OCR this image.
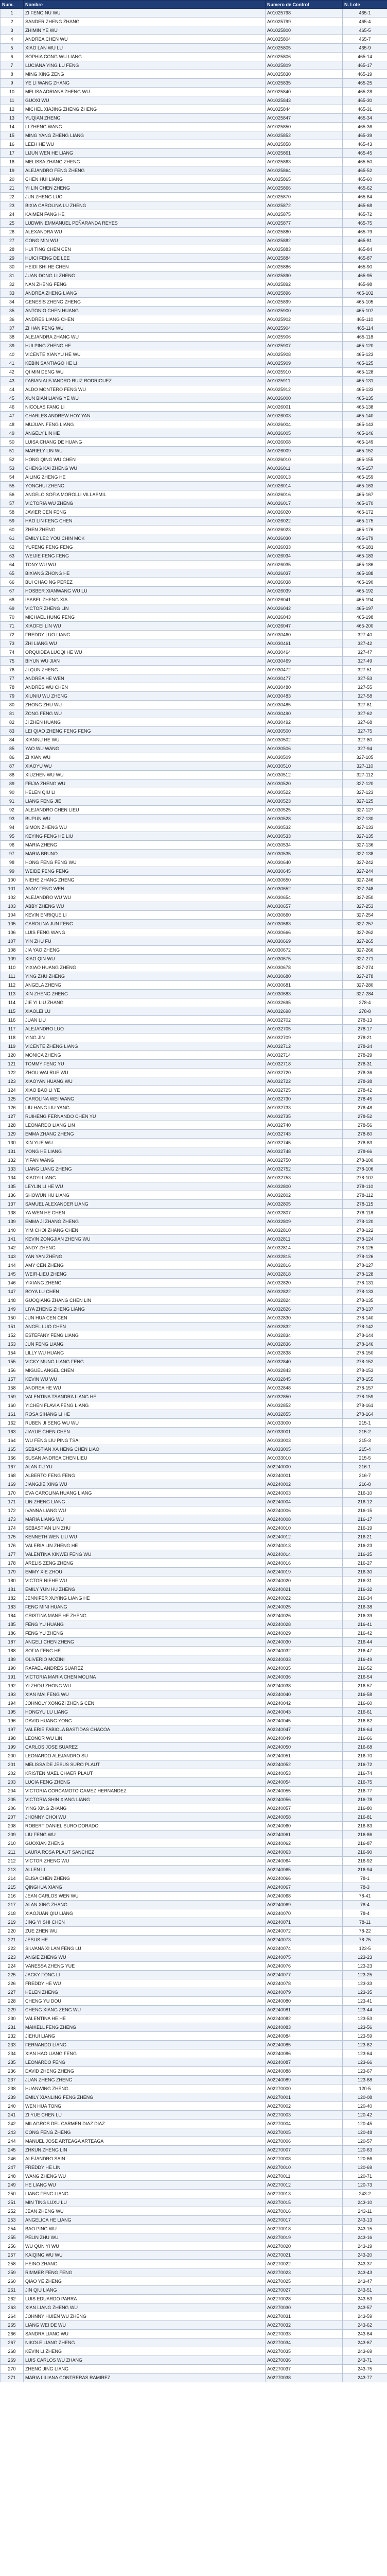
Num.	Nombre	Numero de Control	N. Lote
1	ZI FENG NU WU	A01025798	465-1
2	SANDER ZHENG ZHANG	A01025799	465-4
3	ZHIMIN YE WU	A01025800	465-5
4	ANDREA CHEN WU	A01025804	465-7
5	XIAO LAN WU LU	A01025805	465-9
6	SOPHIA CONG WU LIANG	A01025806	465-14
7	LUCIANA YING LU FENG	A01025809	465-17
8	MING XING ZENG	A01025830	465-19
9	YE LI WANG ZHANG	A01025835	465-25
10	MELISA ADRIANA ZHENG WU	A01025840	465-28
11	GUOXI WU	A01025843	465-30
12	MICHEL XIAJING ZHENG ZHENG	A01025844	465-31
13	YUQIAN ZHENG	A01025847	465-34
14	LI ZHENG WANG	A01025850	465-36
15	MING YANG ZHENG LIANG	A01025852	465-39
16	LEEH HE WU	A01025858	465-43
17	LIJUN WEN HE LIANG	A01025861	465-45
18	MELISSA ZHANG ZHENG	A01025863	465-50
19	ALEJANDRO FENG ZHENG	A01025864	465-52
20	CHEN HUI LIANG	A01025865	465-60
21	YI LIN CHEN ZHENG	A01025866	465-62
22	JUN ZHENG LUO	A01025870	465-64
23	BIXIA CAROLINA LU ZHENG	A01025872	465-68
24	KAIMEN FANG HE	A01025875	465-72
25	LUDWIN EMMANUEL PEÑARANDA REYES	A01025877	465-75
26	ALEXANDRA WU	A01025880	465-79
27	CONG MIN WU	A01025882	465-81
28	HUI TING CHEN CEN	A01025883	465-84
29	HUICI FENG DE LEE	A01025884	465-87
30	HEIDI SHI HE CHEN	A01025886	465-90
31	JUAN DONG LI ZHENG	A01025890	465-95
32	NAN ZHENG FENG	A01025892	465-98
33	ANDREA ZHENG LIANG	A01025896	465-102
34	GENESIS ZHENG ZHENG	A01025899	465-105
35	ANTONIO CHEN HUANG	A01025900	465-107
36	ANDRES LIANG CHEN	A01025902	465-110
37	ZI HAN FENG WU	A01025904	465-114
38	ALEJANDRA ZHANG WU	A01025906	465-118
39	HUI PING ZHENG HE	A01025907	465-120
40	VICENTE XIANYU HE WU	A01025908	465-123
41	KEBIN SANTIAGO HE LI	A01025909	465-125
42	QI MIN DENG WU	A01025910	465-128
43	FABIAN ALEJANDRO RUIZ RODRIGUEZ	A01025911	465-131
44	ALDO MONTERO FENG WU	A01025912	465-133
45	XUN BIAN LIANG YE WU	A01026000	465-135
46	NICOLAS FANG LI	A01026001	465-138
47	CHARLES ANDREW HOY YAN	A01026003	465-140
48	MUJUAN FENG LIANG	A01026004	465-143
49	ANGELY LIN HE	A01026005	465-146
50	LUISA CHANG DE HUANG	A01026008	465-149
51	MARIELY LIN WU	A01026009	465-152
52	HONG QING WU CHEN	A01026010	465-155
53	CHENG KAI ZHENG WU	A01026011	465-157
54	AILING ZHENG HE	A01026013	465-159
55	YONGHUI ZHENG	A01026014	465-163
56	ANGELO SOFIA MOROLLI VILLASMIL	A01026016	465-167
57	VICTORIA WU ZHENG	A01026017	465-170
58	JAVIER CEN FENG	A01026020	465-172
59	HAO LIN FENG CHEN	A01026022	465-175
60	ZHEN ZHENG	A01026023	465-176
61	EMILY LEC YOU CHIN MOK	A01026030	465-179
62	YUFENG FENG FENG	A01026033	465-181
63	WEIJIE FENG FENG	A01026034	465-183
64	TONY WU WU	A01026035	465-186
65	BIXIANG ZHONG HE	A01026037	465-188
66	BUI CHAO NG PEREZ	A01026038	465-190
67	HOSBER XIANWANG WU LU	A01026039	465-192
68	ISABEL ZHENG XIA	A01026041	465-194
69	VICTOR ZHENG LIN	A01026042	465-197
70	MICHAEL HUNG FENG	A01026043	465-198
71	XIAOFEI LIN WU	A01026047	465-200
72	FREDDY LUO LIANG	A01030460	327-40
73	ZHI LIANG WU	A01030461	327-42
74	ORQUIDEA LUOQI HE WU	A01030464	327-47
75	BIYUN WU JIAN	A01030469	327-49
76	JI QUN ZHENG	A01030472	327-51
77	ANDREA HE WEN	A01030477	327-53
78	ANDRES WU CHEN	A01030480	327-55
79	XIUNIU WU ZHENG	A01030483	327-58
80	ZHONG ZHU WU	A01030485	327-61
81	ZONG FENG WU	A01030490	327-62
82	JI ZHEN HUANG	A01030492	327-68
83	LEI QIAO ZHENG FENG FENG	A01030500	327-75
84	XIANNU HE WU	A01030502	327-80
85	YAO WU WANG	A01030506	327-94
86	ZI XIAN WU	A01030509	327-105
87	XIAOYU WU	A01030510	327-110
88	XIUZHEN WU WU	A01030512	327-112
89	FEIJIA ZHENG WU	A01030520	327-120
90	HELEN QIU LI	A01030522	327-123
91	LIANG FENG JIE	A01030523	327-125
92	ALEJANDRO CHEN LIEU	A01030525	327-127
93	BUPUN WU	A01030528	327-130
94	SIMON ZHENG WU	A01030532	327-133
95	KEYING FENG HE LIU	A01030533	327-135
96	MARIA ZHENG	A01030534	327-136
97	MARIA BRUNO	A01030535	327-138
98	HONG FENG FENG WU	A01030640	327-242
99	WEIDE FENG FENG	A01030645	327-244
100	NIEHE ZHANG ZHENG	A01030650	327-246
101	ANNY FENG WEN	A01030652	327-248
102	ALEJANDRO WU WU	A01030654	327-250
103	ABBY ZHENG WU	A01030657	327-253
104	KEVIN ENRIQUE LI	A01030660	327-254
105	CAROLINA JUN FENG	A01030663	327-257
106	LUIS FENG WANG	A01030666	327-262
107	YIN ZHU FU	A01030669	327-265
108	JIA YAO ZHENG	A01030672	327-266
109	XIAO QIN WU	A01030675	327-271
110	YIXIAO HUANG ZHENG	A01030678	327-274
111	YING ZHU ZHENG	A01030680	327-278
112	ANGELA ZHENG	A01030681	327-280
113	XIN ZHENG ZHENG	A01030683	327-284
114	JIE YI LIU ZHANG	A01032695	278-4
115	XIAOLEI LU	A01032698	278-8
116	JUAN LIU	A01032702	278-13
117	ALEJANDRO LUO	A01032705	278-17
118	YING JIN	A01032709	278-21
119	VICENTE ZHENG LIANG	A01032712	278-24
120	MONICA ZHENG	A01032714	278-29
121	TOMMY FENG YU	A01032718	278-31
122	ZHOU WAI RUE WU	A01032720	278-36
123	XIAOYAN HUANG WU	A01032722	278-38
124	XIAO BAO LI YE	A01032725	278-42
125	CAROLINA WEI WANG	A01032730	278-45
126	LIU HANG LIU YANG	A01032733	278-48
127	RUIHENG FERNANDO CHEN YU	A01032735	278-52
128	LEONARDO LIANG LIN	A01032740	278-56
129	EMMA ZHANG ZHENG	A01032743	278-60
130	XIN YUE WU	A01032745	278-63
131	YONG HE LIANG	A01032748	278-66
132	YIFAN WANG	A01032750	278-100
133	LIANG LIANG ZHENG	A01032752	278-106
134	XIAOYI LIANG	A01032753	278-107
135	LEYLIN LI HE WU	A01032800	278-110
136	SHOWUN HU LIANG	A01032802	278-112
137	SAMUEL ALEXANDER LIANG	A01032805	278-115
138	YA WEN HE CHEN	A01032807	278-118
139	EMMA JI ZHANG ZHENG	A01032809	278-120
140	YIM CHOI ZHANG CHEN	A01032810	278-122
141	KEVIN ZONGJIAN ZHENG WU	A01032811	278-124
142	ANDY ZHENG	A01032814	278-125
143	YAN YAN ZHENG	A01032815	278-126
144	AMY CEN ZHENG	A01032816	278-127
145	WEIR-LIEU ZHENG	A01032818	278-128
146	YIXIANG ZHENG	A01032820	278-131
147	BOYA LU CHEN	A01032822	278-133
148	GUOQIANG ZHANG CHEN LIN	A01032824	278-135
149	LIYA ZHENG ZHENG LIANG	A01032826	278-137
150	JUN HUA CEN CEN	A01032830	278-140
151	ANGEL LUO CHEN	A01032832	278-142
152	ESTEFANY FENG LIANG	A01032834	278-144
153	JUN FENG LIANG	A01032836	278-146
154	LILLY WU HUANG	A01032838	278-150
155	VICKY MUNG LIANG FENG	A01032840	278-152
156	MIGUEL ANGEL CHEN	A01032843	278-153
157	KEVIN WU WU	A01032845	278-155
158	ANDREA HE WU	A01032848	278-157
159	VALENTINA TSANDRA LIANG HE	A01032850	278-159
160	YICHEN FLAVIA FENG LIANG	A01032852	278-161
161	ROSA SIHANG LI HE	A01032855	278-164
162	RUBEN JI SENG WU WU	A01033000	215-1
163	JIAYUE CHEN CHEN	A01033001	215-2
164	WU FENG LIU PING TSAI	A01033003	215-3
165	SEBASTIAN XA HENG CHEN LIAO	A01033005	215-4
166	SUSAN ANDREA CHEN LIEU	A01033010	215-5
167	ALAN FU YU	A02240000	216-1
168	ALBERTO FENG FENG	A02240001	216-7
169	JIANGJIE XING WU	A02240002	216-8
170	EVA CAROLINA HUANG LIANG	A02240003	216-10
171	LIN ZHENG LIANG	A02240004	216-12
172	IVANNA LIANG WU	A02240006	216-15
173	MARIA LIANG WU	A02240008	216-17
174	SEBASTIAN LIN ZHU	A02240010	216-19
175	KENNETH WEN LIU WU	A02240012	216-21
176	VALERIA LIN ZHENG HE	A02240013	216-23
177	VALENTINA XINWEI FENG WU	A02240014	216-25
178	ARELIS ZENG ZHENG	A02240016	216-27
179	EMMY XIE ZHOU	A02240019	216-30
180	VICTOR NIEHE WU	A02240020	216-31
181	EMILY YUN HU ZHENG	A02240021	216-32
182	JENNIFER XUYING LIANG HE	A02240022	216-34
183	FENG MINI HUANG	A02240025	216-38
184	CRISTINA MANE HE ZHENG	A02240026	216-39
185	FENG YU HUANG	A02240028	216-41
186	FENG YU ZHENG	A02240029	216-42
187	ANGELI CHEN ZHENG	A02240030	216-44
188	SOFIA FENG HE	A02240032	216-47
189	OLIVERIO MOZINI	A02240033	216-49
190	RAFAEL ANDRES SUAREZ	A02240035	216-52
191	VICTORIA MARIA CHEN MOLINA	A02240036	216-54
192	YI ZHOU ZHONG WU	A02240038	216-57
193	XIAN MAI FENG WU	A02240040	216-58
194	JOHNOLY XONGZI ZHENG CEN	A02240042	216-60
195	HONGYU LU LIANG	A02240043	216-61
196	DAVID HUANG YONG	A02240045	216-62
197	VALERIE FABIOLA BASTIDAS CHACOA	A02240047	216-64
198	LEONOR WU LIN	A02240049	216-66
199	CARLOS JOSE SUAREZ	A02240050	216-68
200	LEONARDO ALEJANDRO SU	A02240051	216-70
201	MELISSA DE JESUS SURO PLAUT	A02240052	216-72
202	KRISTEN MAEL CHAER PLAUT	A02240053	216-74
203	LUCIA FENG ZHENG	A02240054	216-75
204	VICTORIA CORCAMOTO GAMEZ HERNANDEZ	A02240055	216-77
205	VICTORIA SHIN XIANG LIANG	A02240056	216-78
206	YING XING ZHANG	A02240057	216-80
207	JHONNY CHOI WU	A02240058	216-81
208	ROBERT DANIEL SURO DORADO	A02240060	216-83
209	LIU FENG WU	A02240061	216-86
210	GUOXIAN ZHENG	A02240062	216-87
211	LAURA ROSA PLAUT SANCHEZ	A02240063	216-90
212	VICTOR ZHENG WU	A02240064	216-92
213	ALLEN LI	A02240065	216-94
214	ELISA CHEN ZHENG	A02240066	78-1
215	QINGHUA XIANG	A02240067	78-3
216	JEAN CARLOS WEN WU	A02240068	78-41
217	ALAN XING ZHANG	A02240069	78-4
218	XIAOJUAN QIU LIANG	A02240070	78-4
219	JING YI SHI CHEN	A02240071	78-11
220	ZUE ZHEN WU	A02240072	78-22
221	JESUS HE	A02240073	78-75
222	SILVANA XI LAN FENG LU	A02240074	123-5
223	ANGIE ZHENG WU	A02240075	123-23
224	VANESSA ZHENG YUE	A02240076	123-23
225	JACKY FONG LI	A02240077	123-25
226	FREDDY HE WU	A02240078	123-33
227	HELEN ZHENG	A02240079	123-35
228	CHENG YU DOU	A02240080	123-41
229	CHENG XIANG ZENG WU	A02240081	123-44
230	VALENTINA HE HE	A02240082	123-53
231	MAIKELL FENG ZHENG	A02240083	123-56
232	JIEHUI LIANG	A02240084	123-59
233	FERNANDO LIANG	A02240085	123-62
234	XIAN HAO LIANG FENG	A02240086	123-64
235	LEONARDO FENG	A02240087	123-66
236	DAVID ZHENG ZHENG	A02240088	123-67
237	JUAN ZHENG ZHENG	A02240089	123-68
238	HUANWING ZHENG	A02270000	120-5
239	EMILY XIANLING FENG ZHENG	A02270001	120-08
240	WEN HUA TONG	A02270002	120-40
241	ZI YUE CHEN LU	A02270003	120-42
242	MILAGROS DEL CARMEN DIAZ DIAZ	A02270004	120-45
243	CONG FENG ZHENG	A02270005	120-48
244	MANUEL JOSE ARTEAGA ARTEAGA	A02270006	120-57
245	ZHKUN ZHENG LIN	A02270007	120-63
246	ALEJANDRO SAIN	A02270008	120-66
247	FREDDY HE LIN	A02270010	120-69
248	WANG ZHENG WU	A02270011	120-71
249	HE LIANG WU	A02270012	120-73
250	LIANG FENG LIANG	A02270013	243-2
251	MIN TING LUXU LU	A02270015	243-10
252	JEAN ZHENG WU	A02270016	243-11
253	ANGELICA HE LIANG	A02270017	243-13
254	BAO PING WU	A02270018	243-15
255	PELIN ZHU WU	A02270019	243-16
256	WU QUN YI WU	A02270020	243-19
257	KAIQING WU WU	A02270021	243-20
258	HEINO ZHANG	A02270022	243-37
259	RIMMER FENG FENG	A02270023	243-43
260	QIAO YE ZHENG	A02270025	243-47
261	JIN QIU LIANG	A02270027	243-51
262	LUIS EDUARDO PARRA	A02270028	243-53
263	XIAN LIANG ZHENG WU	A02270030	243-57
264	JOHNNY HUIEN WU ZHENG	A02270031	243-59
265	LIANG WEI DE WU	A02270032	243-62
266	SANDRA LIANG WU	A02270033	243-64
267	NIKOLE LIANG ZHENG	A02270034	243-67
268	KEVIN LI ZHENG	A02270035	243-69
269	LUIS CARLOS WU ZHANG	A02270036	243-71
270	ZHENG JING LIANG	A02270037	243-75
271	MARIA LILIANA CONTRERAS RAMIREZ	A02270038	243-77
